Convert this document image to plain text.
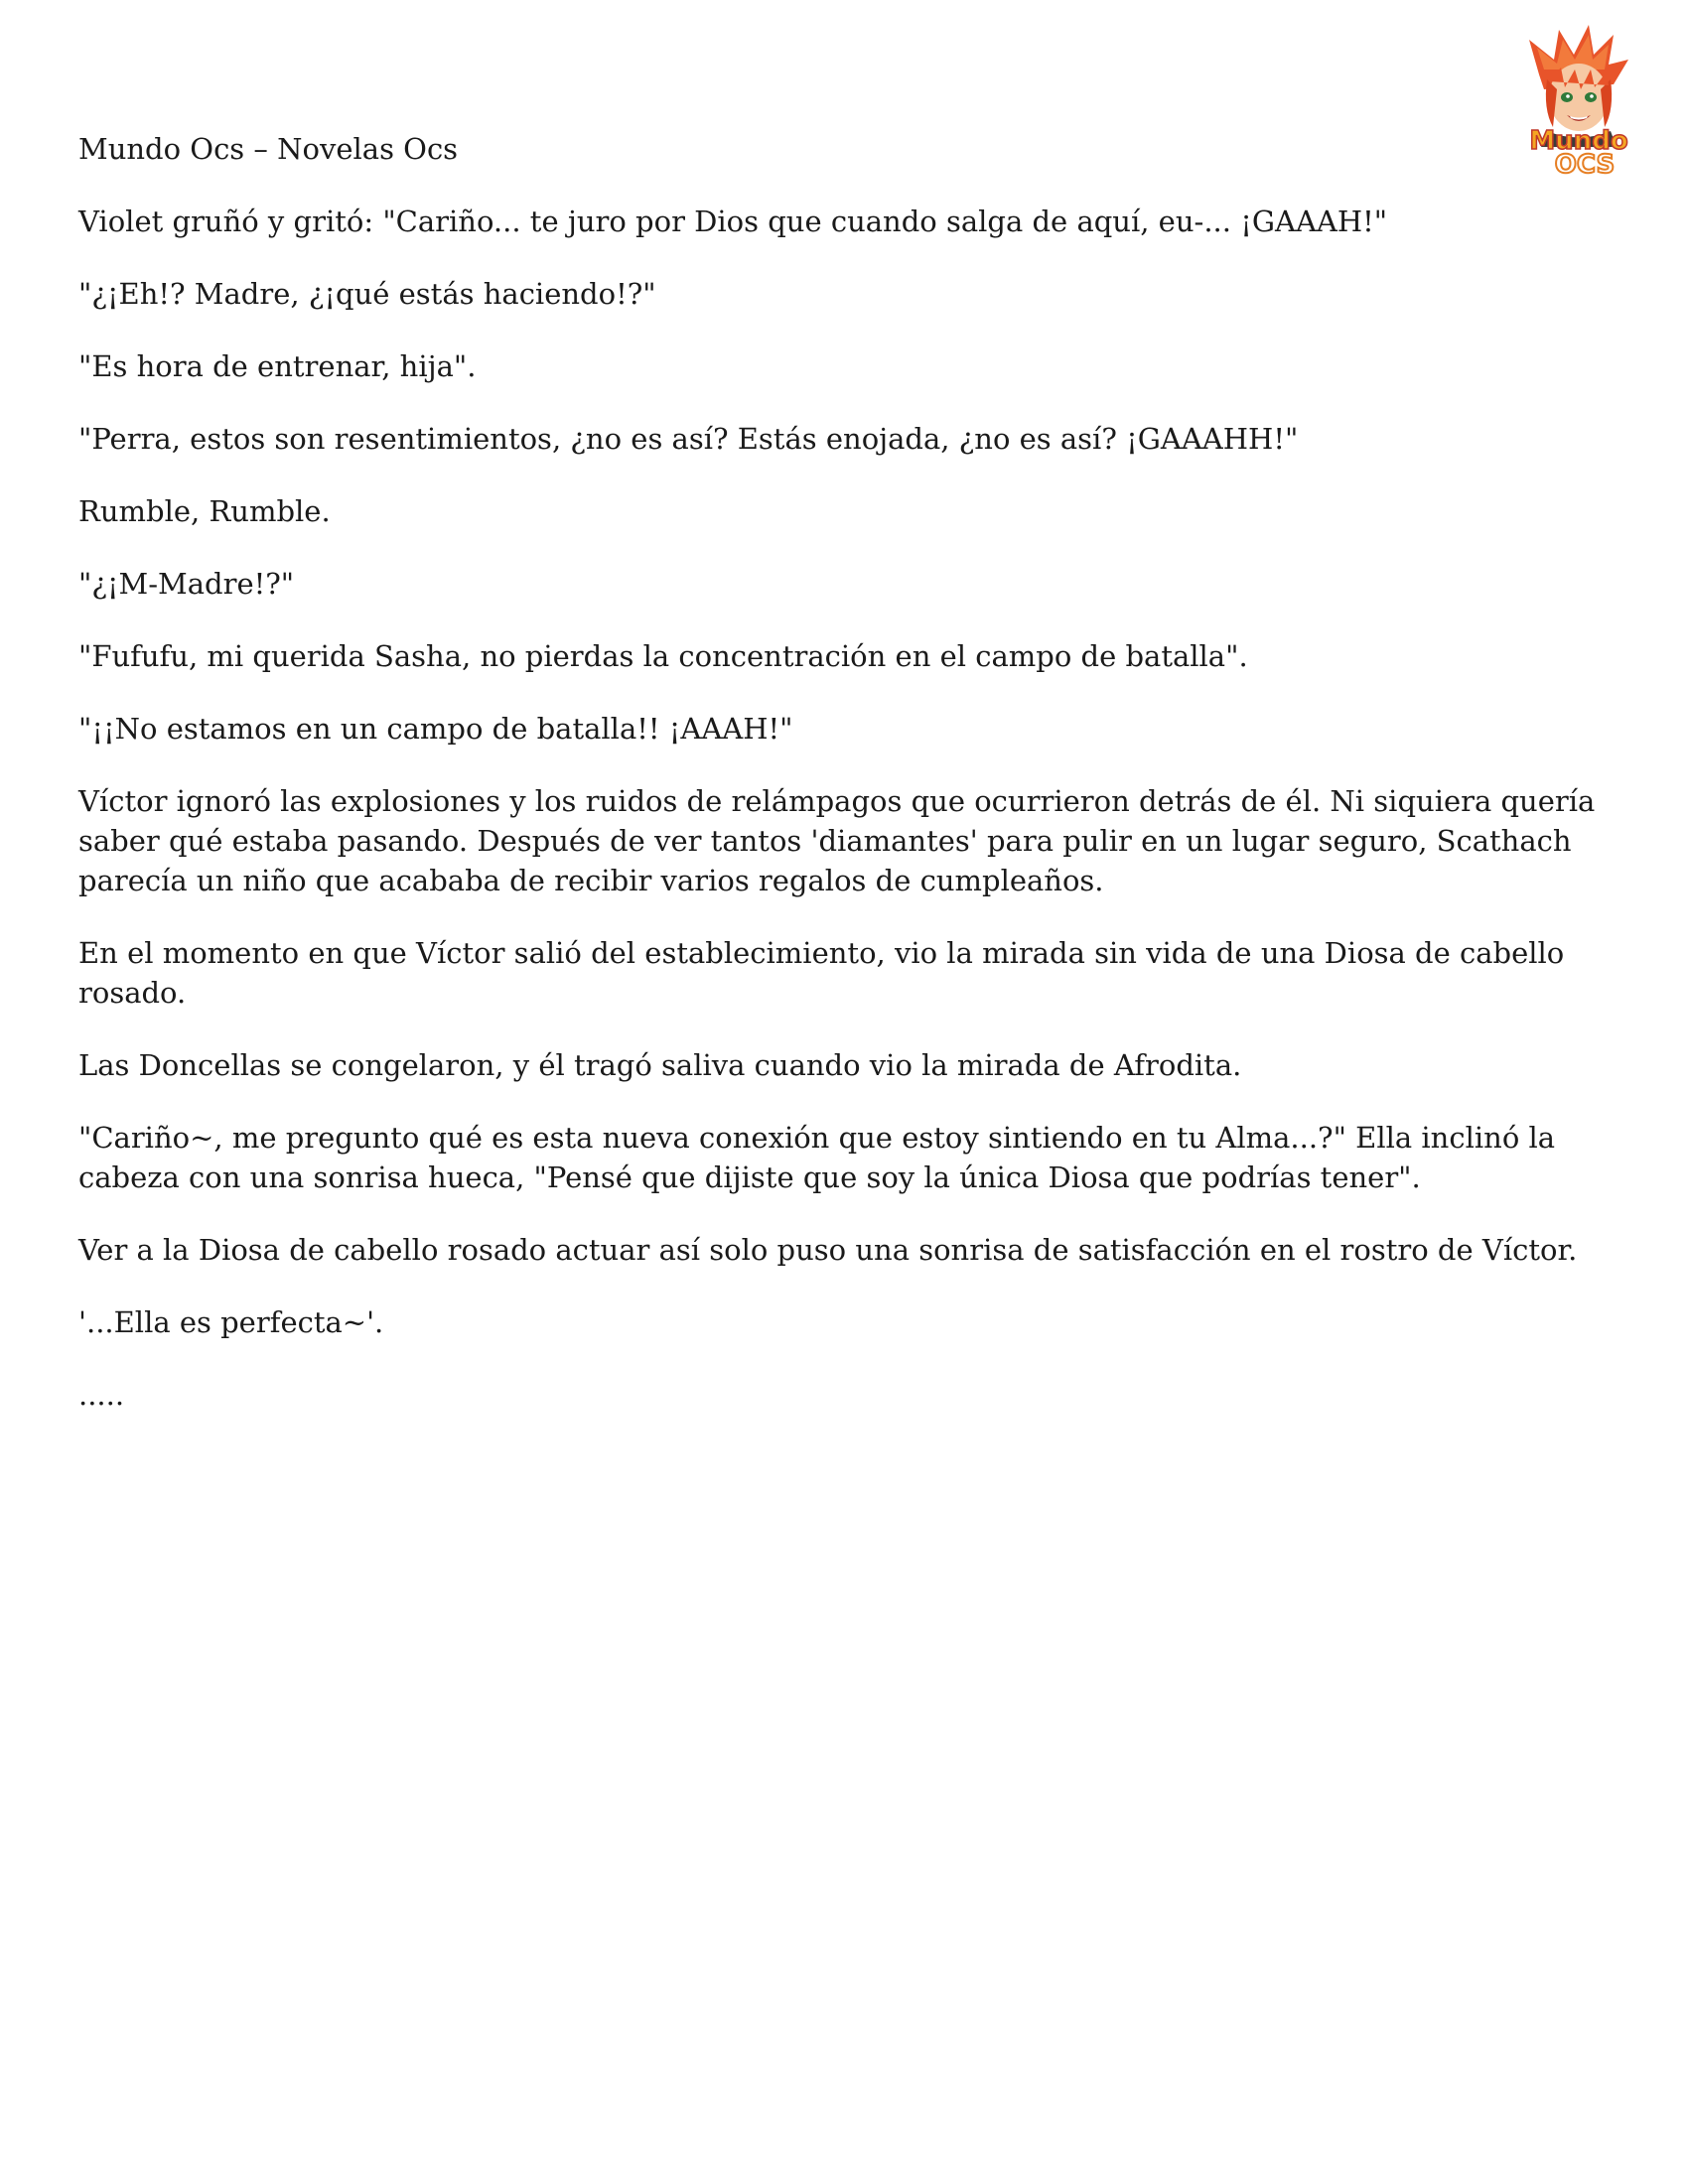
Mundo
OCS

Mundo Ocs – Novelas Ocs

Violet gruñó y gritó: "Cariño... te juro por Dios que cuando salga de aquí, eu-... ¡GAAAH!"

"¿¡Eh!? Madre, ¿¡qué estás haciendo!?"

"Es hora de entrenar, hija".

"Perra, estos son resentimientos, ¿no es así? Estás enojada, ¿no es así? ¡GAAAHH!"

Rumble, Rumble.

"¿¡M-Madre!?"

"Fufufu, mi querida Sasha, no pierdas la concentración en el campo de batalla".

"¡¡No estamos en un campo de batalla!! ¡AAAH!"

Víctor ignoró las explosiones y los ruidos de relámpagos que ocurrieron detrás de él. Ni siquiera quería saber qué estaba pasando. Después de ver tantos 'diamantes' para pulir en un lugar seguro, Scathach parecía un niño que acababa de recibir varios regalos de cumpleaños.

En el momento en que Víctor salió del establecimiento, vio la mirada sin vida de una Diosa de cabello rosado.

Las Doncellas se congelaron, y él tragó saliva cuando vio la mirada de Afrodita.

"Cariño~, me pregunto qué es esta nueva conexión que estoy sintiendo en tu Alma...?" Ella inclinó la cabeza con una sonrisa hueca, "Pensé que dijiste que soy la única Diosa que podrías tener".

Ver a la Diosa de cabello rosado actuar así solo puso una sonrisa de satisfacción en el rostro de Víctor.

'...Ella es perfecta~'.

.....
